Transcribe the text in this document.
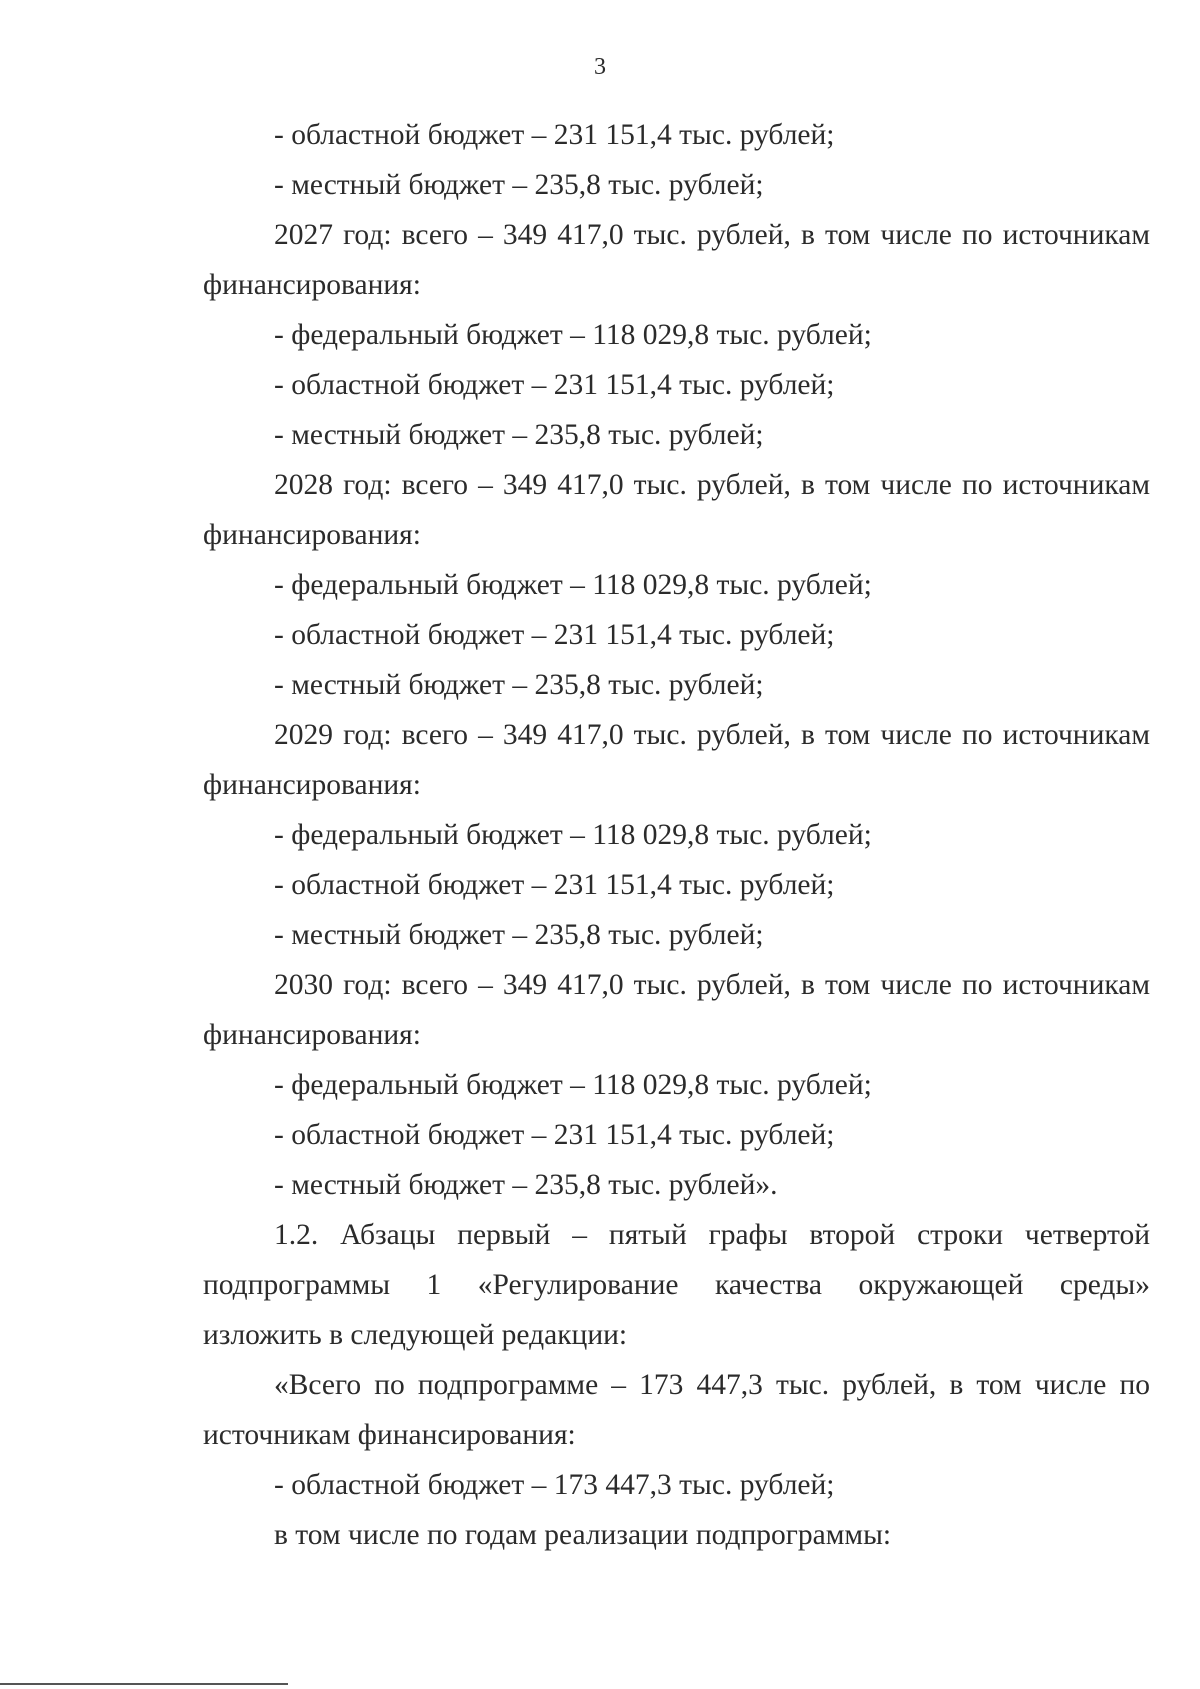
3
- областной бюджет – 231 151,4 тыс. рублей;
- местный бюджет – 235,8 тыс. рублей;
2027 год: всего – 349 417,0 тыс. рублей, в том числе по источникам
финансирования:
- федеральный бюджет – 118 029,8 тыс. рублей;
- областной бюджет – 231 151,4 тыс. рублей;
- местный бюджет – 235,8 тыс. рублей;
2028 год: всего – 349 417,0 тыс. рублей, в том числе по источникам
финансирования:
- федеральный бюджет – 118 029,8 тыс. рублей;
- областной бюджет – 231 151,4 тыс. рублей;
- местный бюджет – 235,8 тыс. рублей;
2029 год: всего – 349 417,0 тыс. рублей, в том числе по источникам
финансирования:
- федеральный бюджет – 118 029,8 тыс. рублей;
- областной бюджет – 231 151,4 тыс. рублей;
- местный бюджет – 235,8 тыс. рублей;
2030 год: всего – 349 417,0 тыс. рублей, в том числе по источникам
финансирования:
- федеральный бюджет – 118 029,8 тыс. рублей;
- областной бюджет – 231 151,4 тыс. рублей;
- местный бюджет – 235,8 тыс. рублей».
1.2. Абзацы первый – пятый графы второй строки четвертой
подпрограммы 1 «Регулирование качества окружающей среды»
изложить в следующей редакции:
«Всего по подпрограмме – 173 447,3 тыс. рублей, в том числе по
источникам финансирования:
- областной бюджет – 173 447,3 тыс. рублей;
в том числе по годам реализации подпрограммы:
